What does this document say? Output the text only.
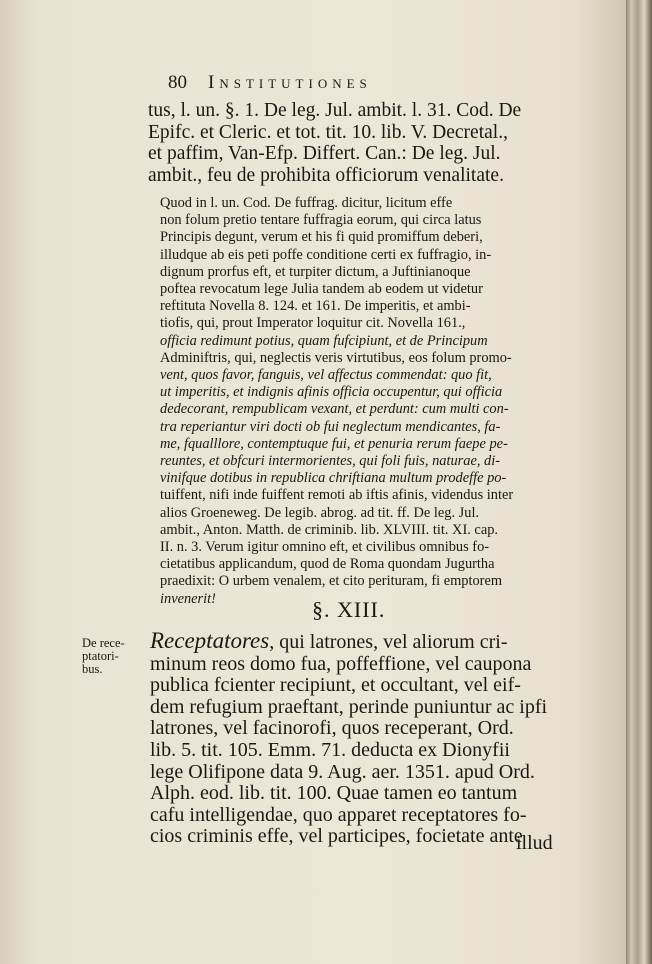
80 Institutiones
tus, l. un. §. 1. De leg. Jul. ambit. l. 31. Cod. De
Epifc. et Cleric. et tot. tit. 10. lib. V. Decretal.,
et paffim, Van-Efp. Differt. Can.: De leg. Jul.
ambit., feu de prohibita officiorum venalitate.
Quod in l. un. Cod. De fuffrag. dicitur, licitum effe
non folum pretio tentare fuffragia eorum, qui circa latus
Principis degunt, verum et his fi quid promiffum deberi,
illudque ab eis peti poffe conditione certi ex fuffragio, in-
dignum prorfus eft, et turpiter dictum, a Juftinianoque
poftea revocatum lege Julia tandem ab eodem ut videtur
reftituta Novella 8. 124. et 161. De imperitis, et ambi-
tiofis, qui, prout Imperator loquitur cit. Novella 161.,
officia redimunt potius, quam fufcipiunt, et de Principum
Adminiftris, qui, neglectis veris virtutibus, eos folum promo-
vent, quos favor, fanguis, vel affectus commendat: quo fit,
ut imperitis, et indignis afinis officia occupentur, qui officia
dedecorant, rempublicam vexant, et perdunt: cum multi con-
tra reperiantur viri docti ob fui neglectum mendicantes, fa-
me, fqualllore, contemptuque fui, et penuria rerum faepe pe-
reuntes, et obfcuri intermorientes, qui foli fuis, naturae, di-
vinifque dotibus in republica chriftiana multum prodeffe po-
tuiffent, nifi inde fuiffent remoti ab iftis afinis, videndus inter
alios Groeneweg. De legib. abrog. ad tit. ff. De leg. Jul.
ambit., Anton. Matth. de criminib. lib. XLVIII. tit. XI. cap.
II. n. 3. Verum igitur omnino eft, et civilibus omnibus fo-
cietatibus applicandum, quod de Roma quondam Jugurtha
praedixit: O urbem venalem, et cito perituram, fi emptorem
invenerit!	§. XIII.
De rece-
ptatori-
bus.
Receptatores, qui latrones, vel aliorum cri-
minum reos domo fua, poffeffione, vel caupona
publica fcienter recipiunt, et occultant, vel eif-
dem refugium praeftant, perinde puniuntur ac ipfi
latrones, vel facinorofi, quos receperant, Ord.
lib. 5. tit. 105. Emm. 71. deducta ex Dionyfii
lege Olifipone data 9. Aug. aer. 1351. apud Ord.
Alph. eod. lib. tit. 100. Quae tamen eo tantum
cafu intelligendae, quo apparet receptatores fo-
cios criminis effe, vel participes, focietate ante
illud
